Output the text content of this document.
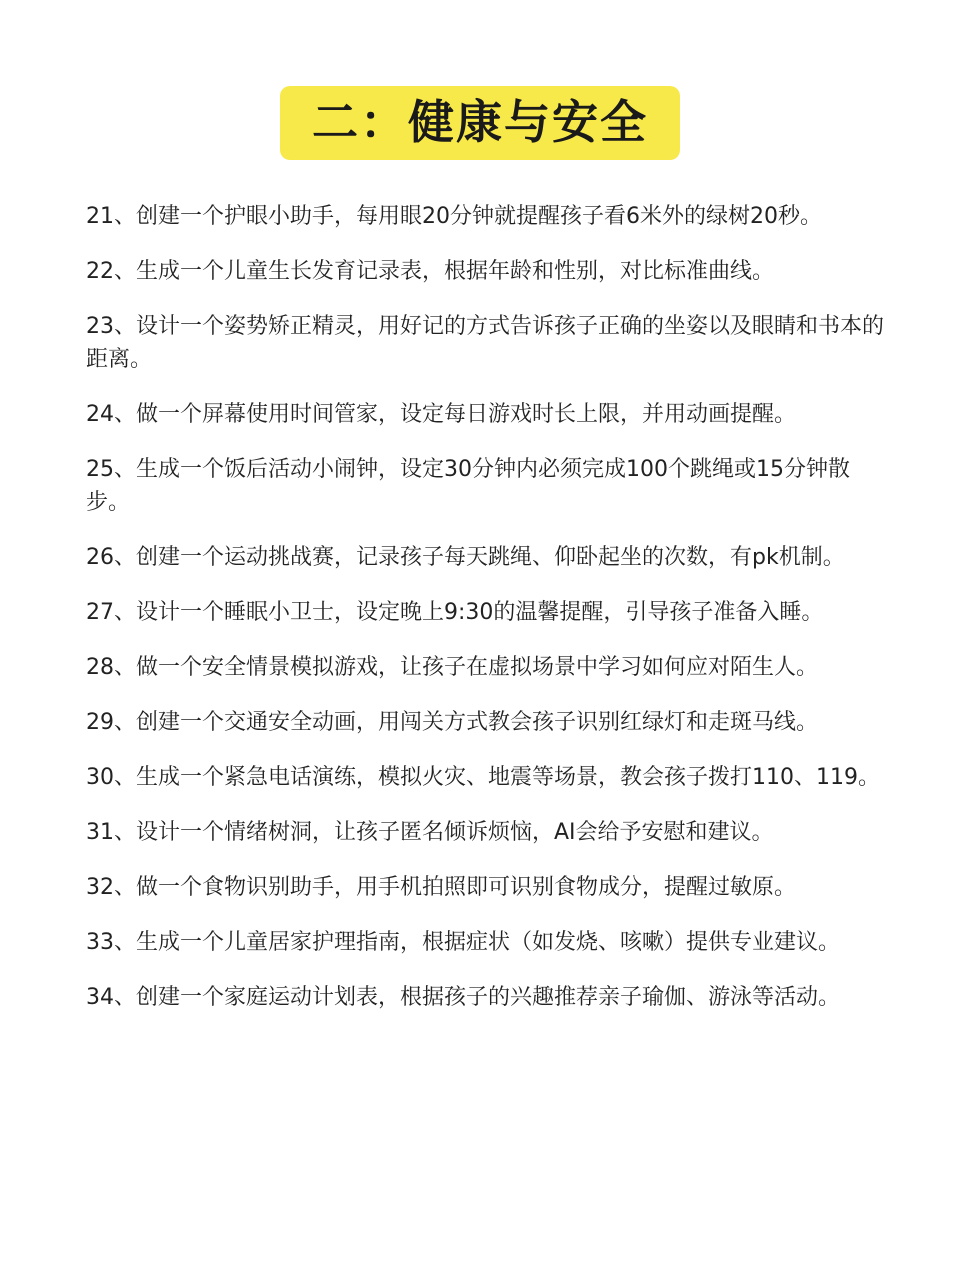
二：健康与安全
21、创建一个护眼小助手，每用眼20分钟就提醒孩子看6米外的绿树20秒。
22、生成一个儿童生长发育记录表，根据年龄和性别，对比标准曲线。
23、设计一个姿势矫正精灵，用好记的方式告诉孩子正确的坐姿以及眼睛和书本的距离。
24、做一个屏幕使用时间管家，设定每日游戏时长上限，并用动画提醒。
25、生成一个饭后活动小闹钟，设定30分钟内必须完成100个跳绳或15分钟散步。
26、创建一个运动挑战赛，记录孩子每天跳绳、仰卧起坐的次数，有pk机制。
27、设计一个睡眠小卫士，设定晚上9:30的温馨提醒，引导孩子准备入睡。
28、做一个安全情景模拟游戏，让孩子在虚拟场景中学习如何应对陌生人。
29、创建一个交通安全动画，用闯关方式教会孩子识别红绿灯和走斑马线。
30、生成一个紧急电话演练，模拟火灾、地震等场景，教会孩子拨打110、119。
31、设计一个情绪树洞，让孩子匿名倾诉烦恼，AI会给予安慰和建议。
32、做一个食物识别助手，用手机拍照即可识别食物成分，提醒过敏原。
33、生成一个儿童居家护理指南，根据症状（如发烧、咳嗽）提供专业建议。
34、创建一个家庭运动计划表，根据孩子的兴趣推荐亲子瑜伽、游泳等活动。
